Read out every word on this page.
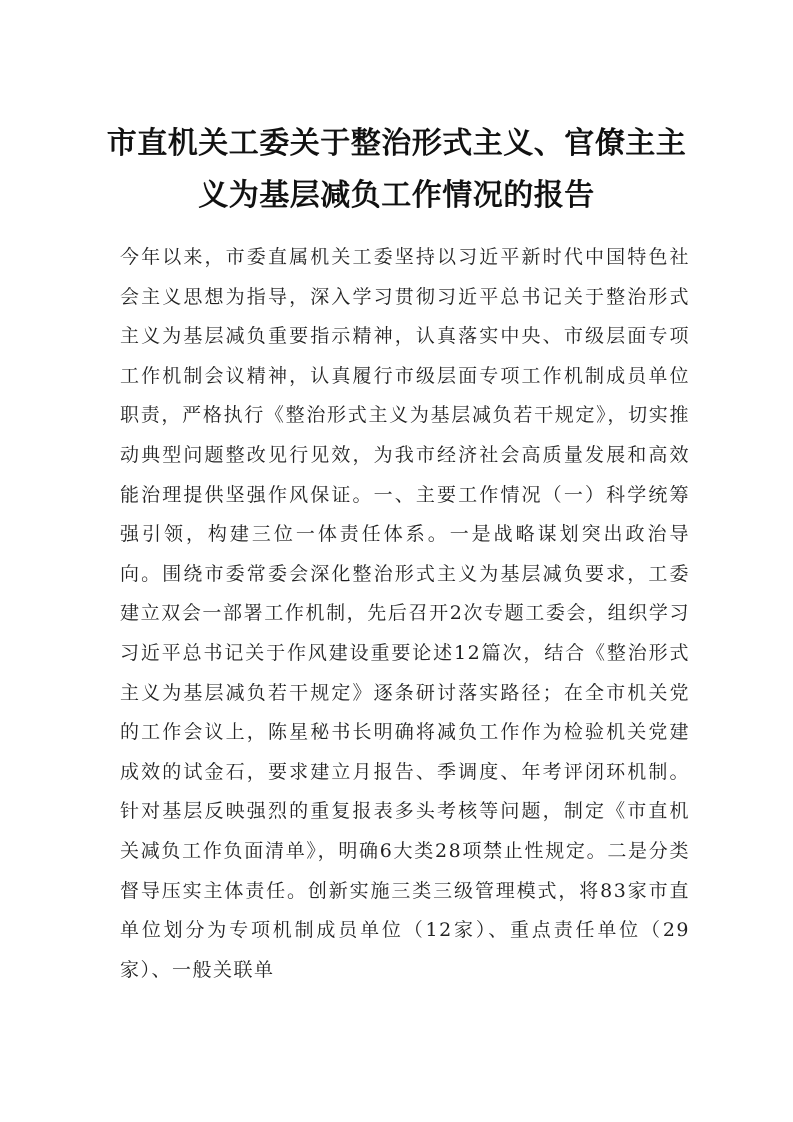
市直机关工委关于整治形式主义、官僚主主义为基层减负工作情况的报告

今年以来，市委直属机关工委坚持以习近平新时代中国特色社会主义思想为指导，深入学习贯彻习近平总书记关于整治形式主义为基层减负重要指示精神，认真落实中央、市级层面专项工作机制会议精神，认真履行市级层面专项工作机制成员单位职责，严格执行《整治形式主义为基层减负若干规定》，切实推动典型问题整改见行见效，为我市经济社会高质量发展和高效能治理提供坚强作风保证。一、主要工作情况（一）科学统筹强引领，构建三位一体责任体系。一是战略谋划突出政治导向。围绕市委常委会深化整治形式主义为基层减负要求，工委建立双会一部署工作机制，先后召开2次专题工委会，组织学习习近平总书记关于作风建设重要论述12篇次，结合《整治形式主义为基层减负若干规定》逐条研讨落实路径；在全市机关党的工作会议上，陈星秘书长明确将减负工作作为检验机关党建成效的试金石，要求建立月报告、季调度、年考评闭环机制。针对基层反映强烈的重复报表多头考核等问题，制定《市直机关减负工作负面清单》，明确6大类28项禁止性规定。二是分类督导压实主体责任。创新实施三类三级管理模式，将83家市直单位划分为专项机制成员单位（12家）、重点责任单位（29家）、一般关联单
